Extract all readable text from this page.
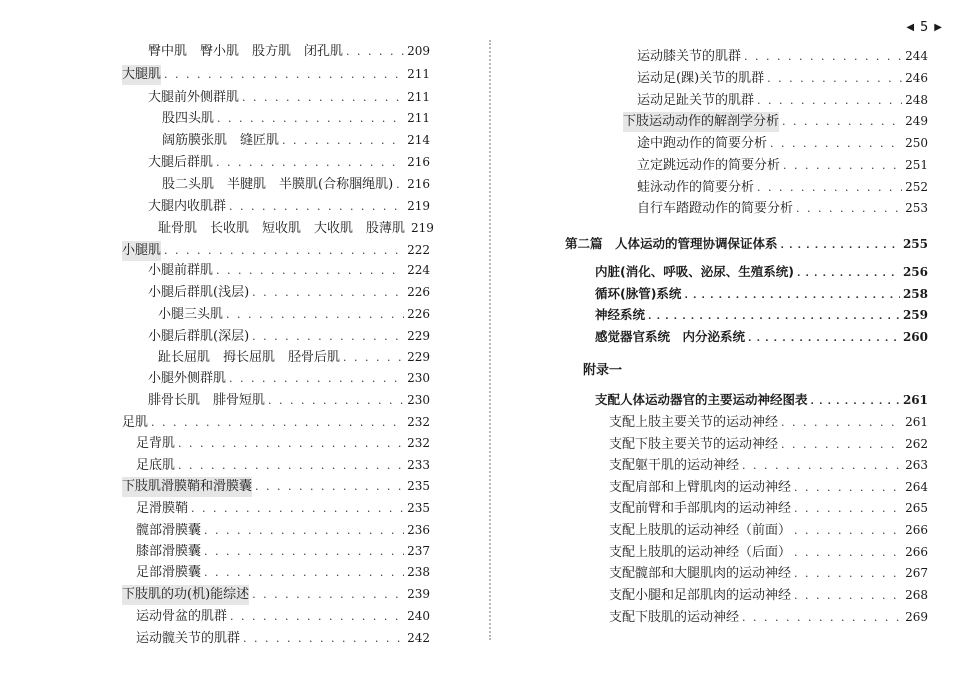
臀中肌　臀小肌　股方肌　闭孔肌 . . .	209
大腿肌 . . .	211
大腿前外侧群肌 . . .	211
股四头肌 . . .	211
阔筋膜张肌　缝匠肌 . . .	214
大腿后群肌 . . .	216
股二头肌　半腱肌　半膜肌(合称腘绳肌) . . . 216
大腿内收肌群 . . .	219
耻骨肌　长收肌　短收肌　大收肌　股薄肌 219
小腿肌 . . .	222
小腿前群肌 . . .	224
小腿后群肌(浅层) . . .	226
小腿三头肌 . . .	226
小腿后群肌(深层) . . .	229
趾长屈肌　拇长屈肌　胫骨后肌 . . .	229
小腿外侧群肌 . . .	230
腓骨长肌　腓骨短肌 . . .	230
足肌 . . .	232
足背肌 . . .	232
足底肌 . . .	233
下肢肌滑膜鞘和滑膜囊 . . .	235
足滑膜鞘 . . .	235
髋部滑膜囊 . . .	236
膝部滑膜囊 . . .	237
足部滑膜囊 . . .	238
下肢肌的功(机)能综述 . . .	239
运动骨盆的肌群 . . .	240
运动髋关节的肌群 . . .	242
◀ 5 ▶
附录一
运动膝关节的肌群 . . .	244
运动足(踝)关节的肌群 . . .	246
运动足趾关节的肌群 . . .	248
下肢运动动作的解剖学分析 . . .	249
途中跑动作的简要分析 . . .	250
立定跳远动作的简要分析 . . .	251
蛙泳动作的简要分析 . . .	252
自行车踏蹬动作的简要分析 . . .	253
第二篇　人体运动的管理协调保证体系 . . .	255
内脏(消化、呼吸、泌尿、生殖系统) . . .	256
循环(脉管)系统 . . .	258
神经系统 . . .	259
感觉器官系统　内分泌系统 . . .	260
支配人体运动器官的主要运动神经图表 . . .	261
支配上肢主要关节的运动神经 . . .	261
支配下肢主要关节的运动神经 . . .	262
支配躯干肌的运动神经 . . .	263
支配肩部和上臂肌肉的运动神经 . . .	264
支配前臂和手部肌肉的运动神经 . . .	265
支配上肢肌的运动神经（前面） . . .	266
支配上肢肌的运动神经（后面） . . .	266
支配髋部和大腿肌肉的运动神经 . . .	267
支配小腿和足部肌肉的运动神经 . . .	268
支配下肢肌的运动神经 . . .	269
